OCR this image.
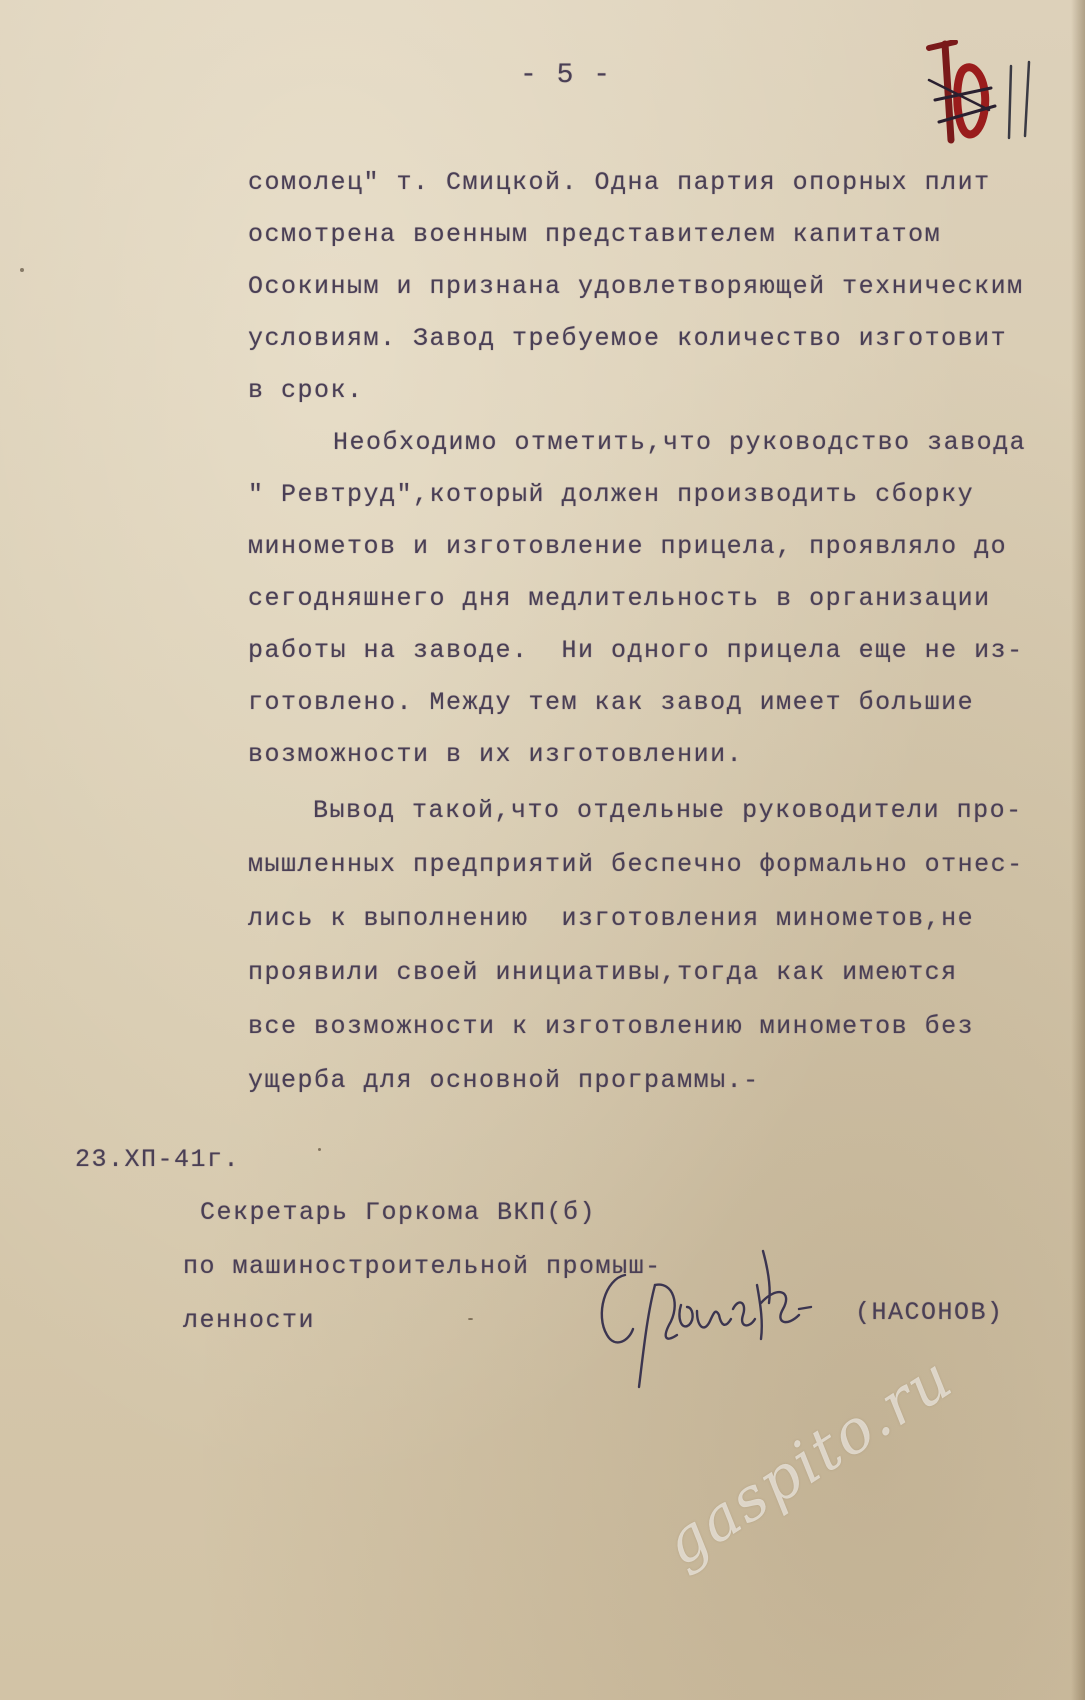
- 5 -
сомолец" т. Смицкой. Одна партия опорных плит
осмотрена военным представителем капитатом
Осокиным и признана удовлетворяющей техническим
условиям. Завод требуемое количество изготовит
в срок.
Необходимо отметить,что руководство завода
" Ревтруд",который должен производить сборку
минометов и изготовление прицела, проявляло до
сегодняшнего дня медлительность в организации
работы на заводе.  Ни одного прицела еще не из-
готовлено. Между тем как завод имеет большие
возможности в их изготовлении.
Вывод такой,что отдельные руководители про-
мышленных предприятий беспечно формально отнес-
лись к выполнению  изготовления минометов,не
проявили своей инициативы,тогда как имеются
все возможности к изготовлению минометов без
ущерба для основной программы.-
23.ХП-41г.
Секретарь Горкома ВКП(б)
по машиностроительной промыш-
ленности	(НАСОНОВ)
gaspito.ru
